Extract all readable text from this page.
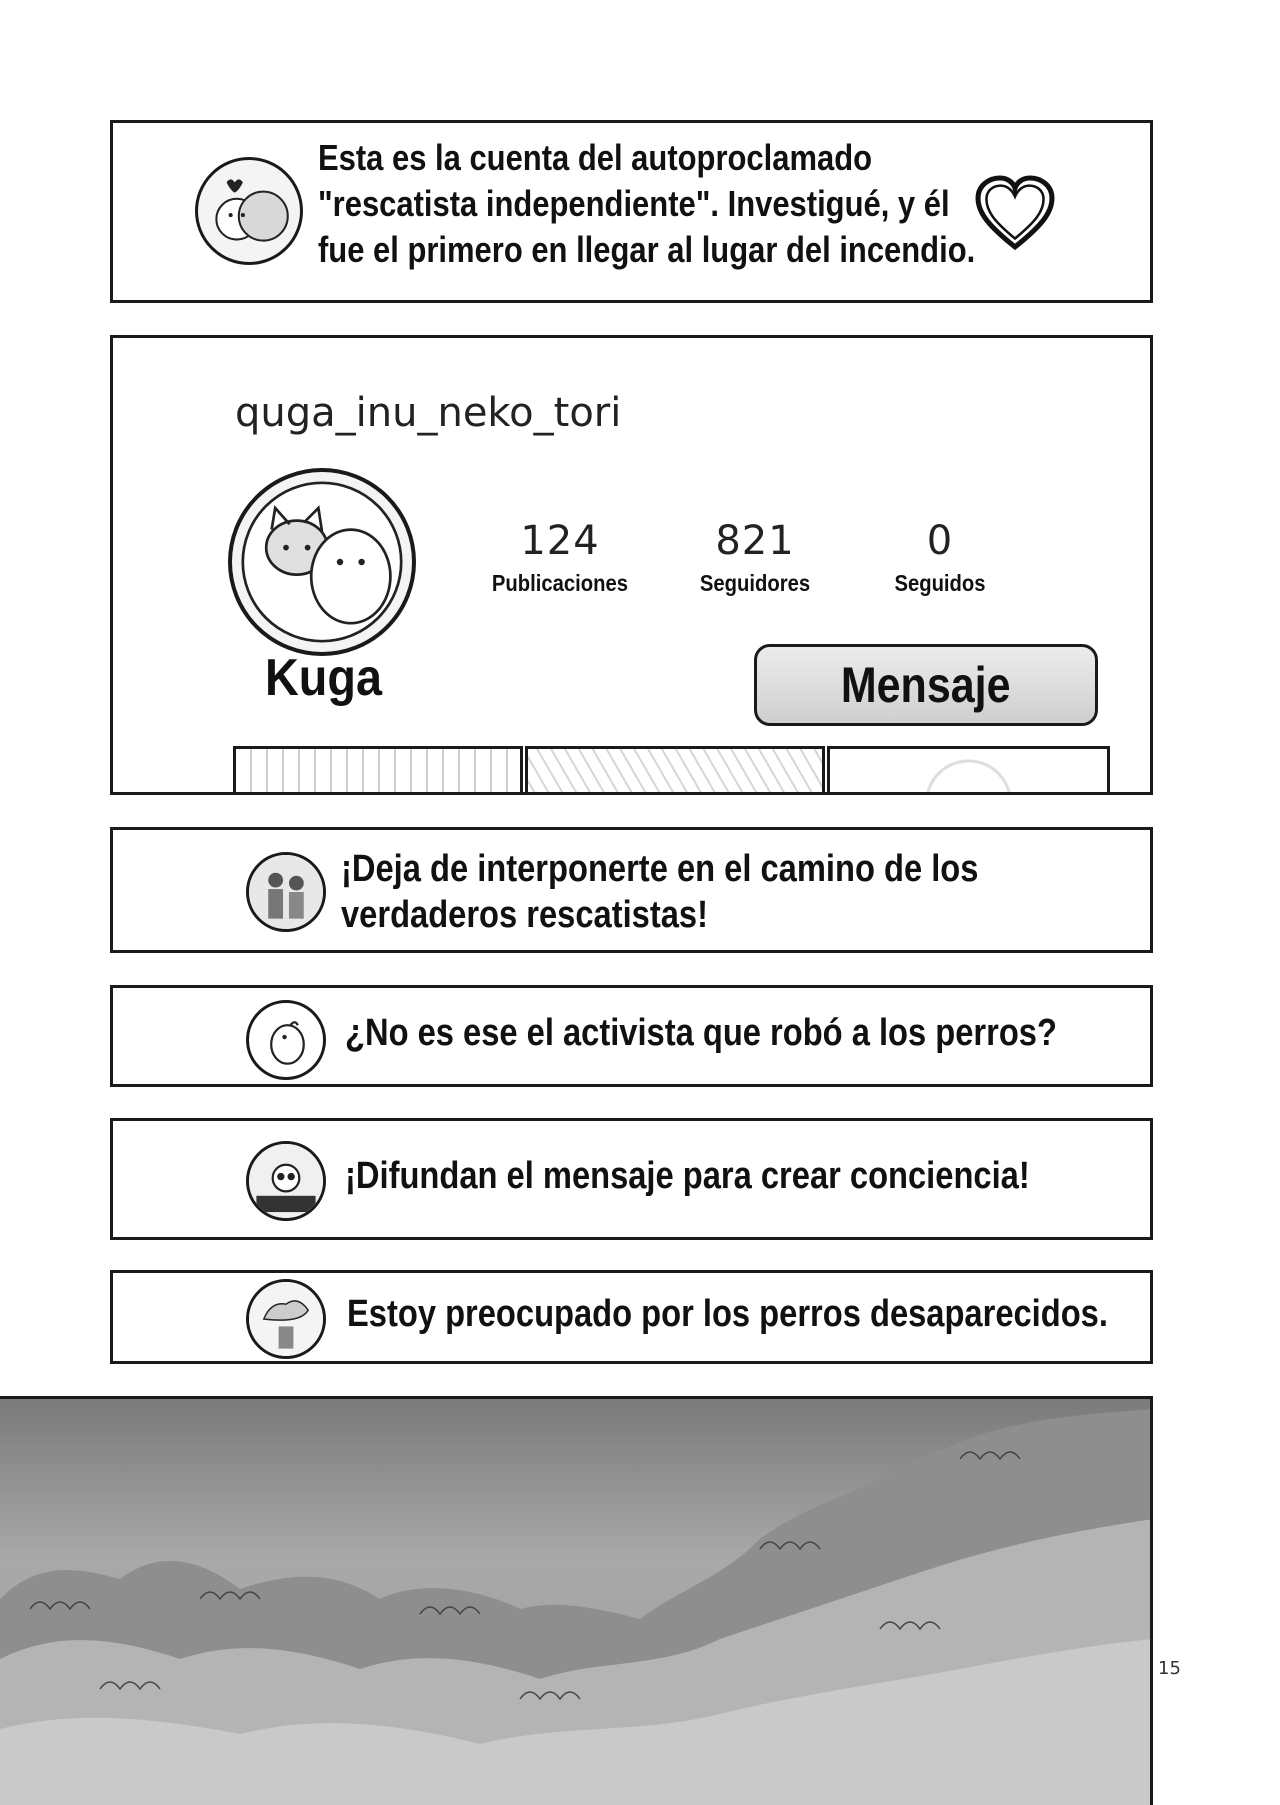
Esta es la cuenta del autoproclamado
"rescatista independiente". Investigué, y él
fue el primero en llegar al lugar del incendio.
quga_inu_neko_tori
Kuga
124
Publicaciones
821
Seguidores
0
Seguidos
Mensaje
¡Deja de interponerte en el camino de los
verdaderos rescatistas!
¿No es ese el activista que robó a los perros?
¡Difundan el mensaje para crear conciencia!
Estoy preocupado por los perros desaparecidos.
15
